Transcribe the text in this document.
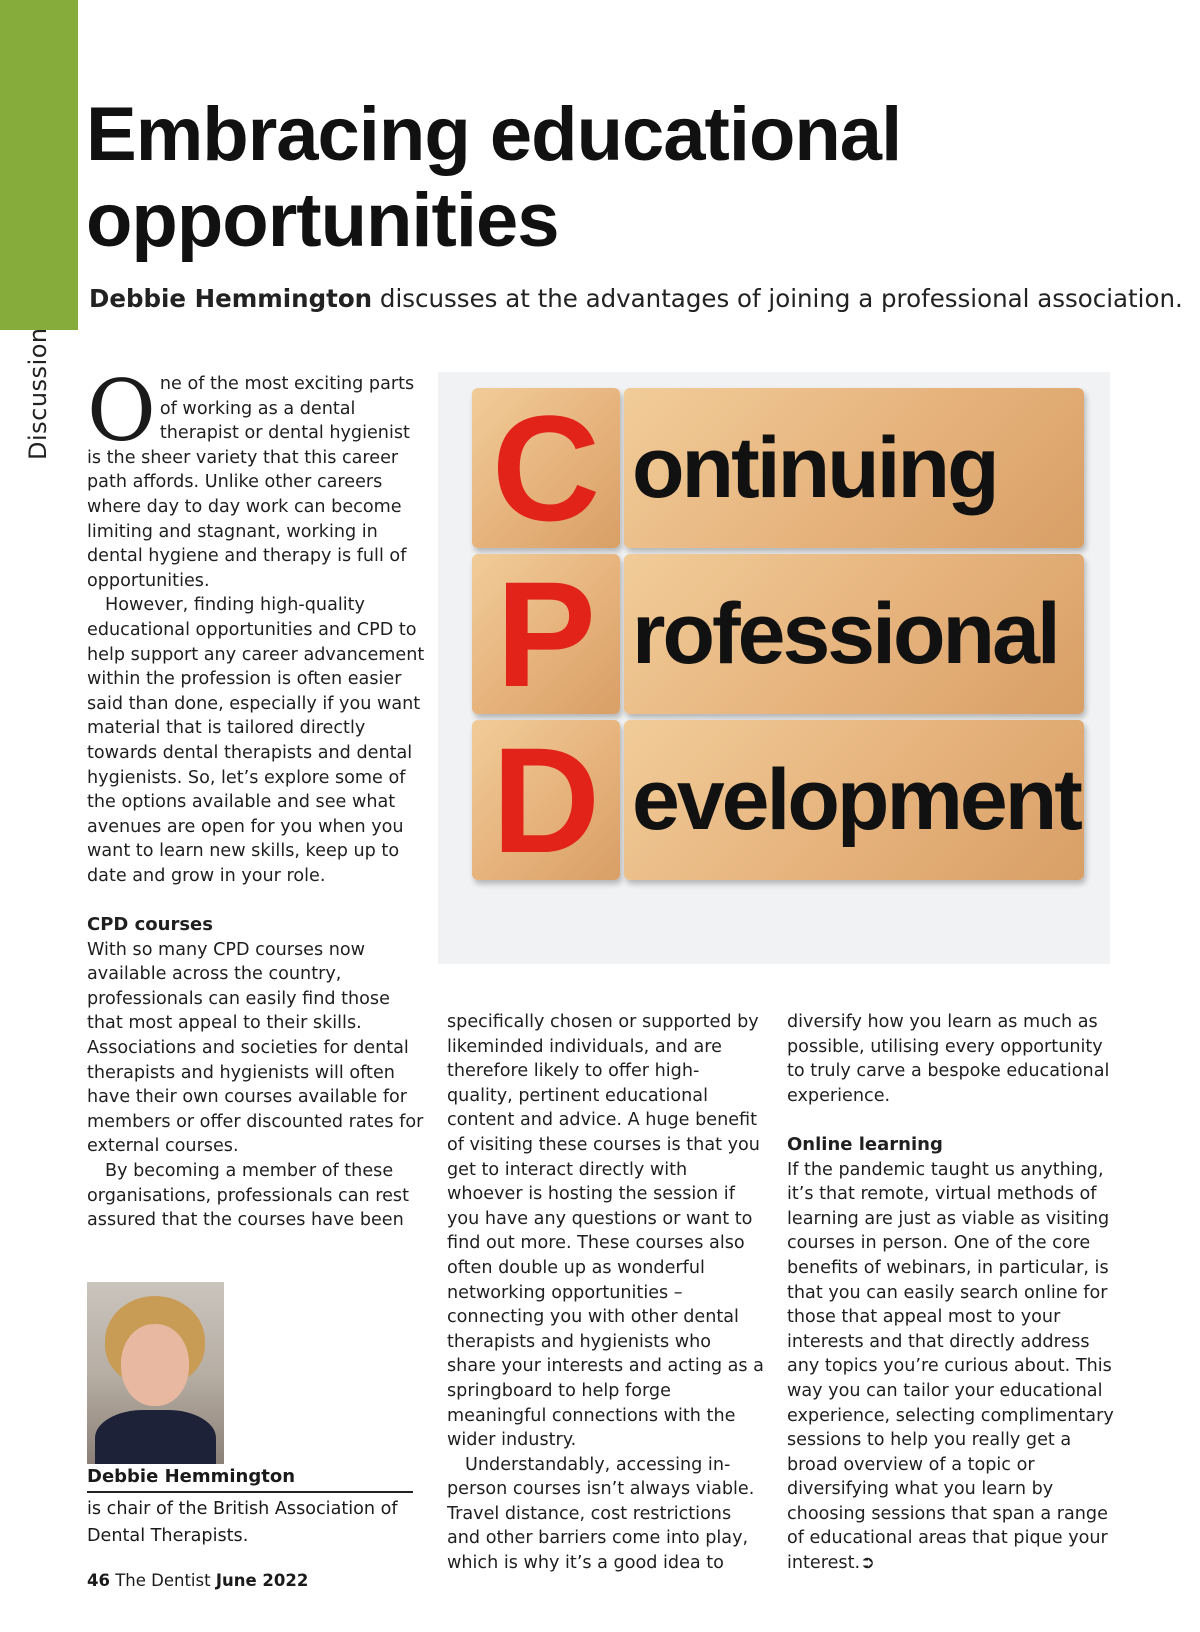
Discussion
Embracing educational opportunities

Debbie Hemmington discusses at the advantages of joining a professional association.

One of the most exciting parts of working as a dental therapist or dental hygienist is the sheer variety that this career path affords. Unlike other careers where day to day work can become limiting and stagnant, working in dental hygiene and therapy is full of opportunities.

However, finding high-quality educational opportunities and CPD to help support any career advancement within the profession is often easier said than done, especially if you want material that is tailored directly towards dental therapists and dental hygienists. So, let’s explore some of the options available and see what avenues are open for you when you want to learn new skills, keep up to date and grow in your role.

CPD courses

With so many CPD courses now available across the country, professionals can easily find those that most appeal to their skills. Associations and societies for dental therapists and hygienists will often have their own courses available for members or offer discounted rates for external courses.

By becoming a member of these organisations, professionals can rest assured that the courses have been

C ontinuing
P rofessional
D evelopment

specifically chosen or supported by likeminded individuals, and are therefore likely to offer high-quality, pertinent educational content and advice. A huge benefit of visiting these courses is that you get to interact directly with whoever is hosting the session if you have any questions or want to find out more. These courses also often double up as wonderful networking opportunities – connecting you with other dental therapists and hygienists who share your interests and acting as a springboard to help forge meaningful connections with the wider industry.

Understandably, accessing in-person courses isn’t always viable. Travel distance, cost restrictions and other barriers come into play, which is why it’s a good idea to

diversify how you learn as much as possible, utilising every opportunity to truly carve a bespoke educational experience.

Online learning

If the pandemic taught us anything, it’s that remote, virtual methods of learning are just as viable as visiting courses in person. One of the core benefits of webinars, in particular, is that you can easily search online for those that appeal most to your interests and that directly address any topics you’re curious about. This way you can tailor your educational experience, selecting complimentary sessions to help you really get a broad overview of a topic or diversifying what you learn by choosing sessions that span a range of educational areas that pique your interest.➲

Debbie Hemmington

is chair of the British Association of Dental Therapists.

46 The Dentist June 2022
